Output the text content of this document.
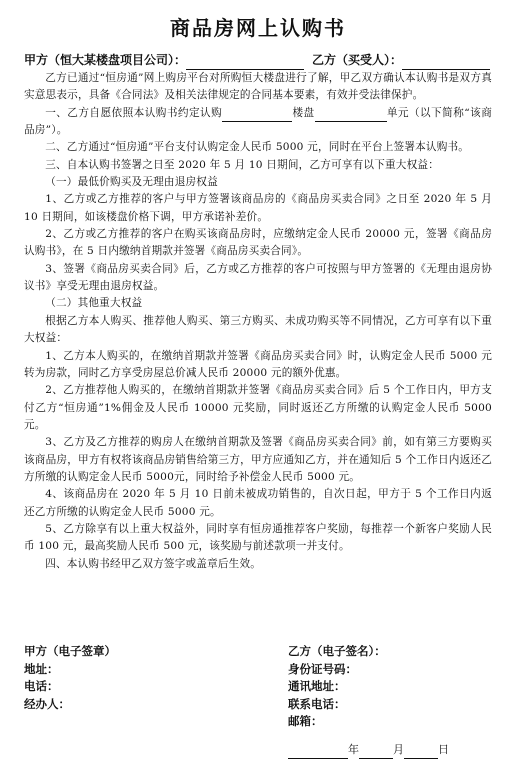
商品房网上认购书
甲方（恒大某楼盘项目公司）：	乙方（买受人）：

乙方已通过“恒房通”网上购房平台对所购恒大楼盘进行了解，甲乙双方确认本认购书是双方真实意思表示，具备《合同法》及相关法律规定的合同基本要素，有效并受法律保护。

一、乙方自愿依照本认购书约定认购	楼盘	单元（以下简称“该商品房”）。

二、乙方通过“恒房通”平台支付认购定金人民币 5000 元，同时在平台上签署本认购书。

三、自本认购书签署之日至 2020 年 5 月 10 日期间，乙方可享有以下重大权益：

（一）最低价购买及无理由退房权益

1、乙方或乙方推荐的客户与甲方签署该商品房的《商品房买卖合同》之日至 2020 年 5 月 10 日期间，如该楼盘价格下调，甲方承诺补差价。

2、乙方或乙方推荐的客户在购买该商品房时，应缴纳定金人民币 20000 元，签署《商品房认购书》，在 5 日内缴纳首期款并签署《商品房买卖合同》。

3、签署《商品房买卖合同》后，乙方或乙方推荐的客户可按照与甲方签署的《无理由退房协议书》享受无理由退房权益。

（二）其他重大权益

根据乙方本人购买、推荐他人购买、第三方购买、未成功购买等不同情况，乙方可享有以下重大权益：

1、乙方本人购买的，在缴纳首期款并签署《商品房买卖合同》时，认购定金人民币 5000 元转为房款，同时乙方享受房屋总价减人民币 20000 元的额外优惠。

2、乙方推荐他人购买的，在缴纳首期款并签署《商品房买卖合同》后 5 个工作日内，甲方支付乙方“恒房通”1%佣金及人民币 10000 元奖励，同时返还乙方所缴的认购定金人民币 5000 元。

3、乙方及乙方推荐的购房人在缴纳首期款及签署《商品房买卖合同》前，如有第三方要购买该商品房，甲方有权将该商品房销售给第三方，甲方应通知乙方，并在通知后 5 个工作日内返还乙方所缴的认购定金人民币 5000元，同时给予补偿金人民币 5000 元。

4、该商品房在 2020 年 5 月 10 日前未被成功销售的，自次日起，甲方于 5 个工作日内返还乙方所缴的认购定金人民币 5000 元。

5、乙方除享有以上重大权益外，同时享有恒房通推荐客户奖励，每推荐一个新客户奖励人民币 100 元，最高奖励人民币 500 元，该奖励与前述款项一并支付。

四、本认购书经甲乙双方签字或盖章后生效。

甲方（电子签章）
地址：
电话：
经办人：
乙方（电子签名）：
身份证号码：
通讯地址：
联系电话：
邮箱：
年	月	日
